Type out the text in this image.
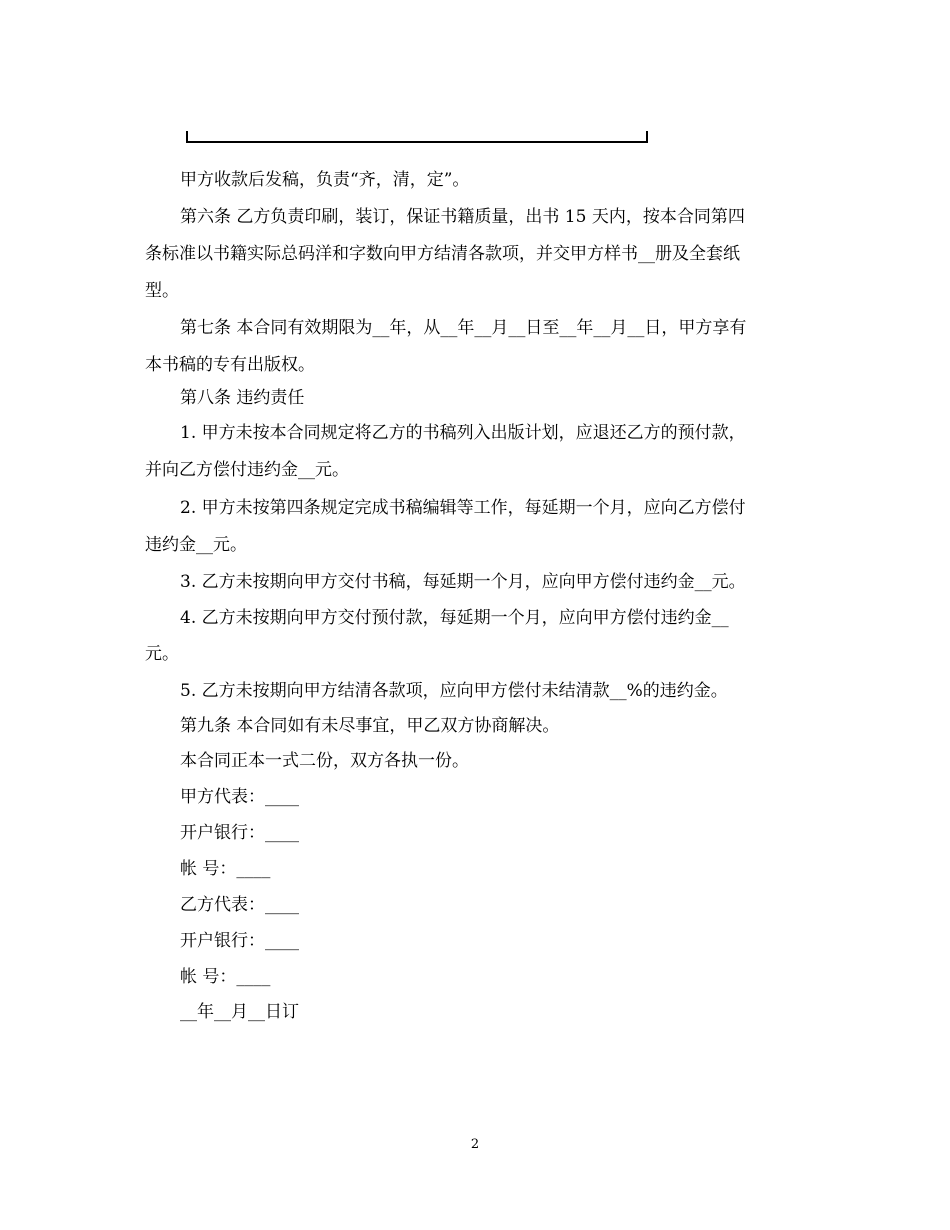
甲方收款后发稿，负责“齐，清，定”。
第六条 乙方负责印刷，装订，保证书籍质量，出书 15 天内，按本合同第四
条标准以书籍实际总码洋和字数向甲方结清各款项，并交甲方样书__册及全套纸
型。
第七条 本合同有效期限为__年，从__年__月__日至__年__月__日，甲方享有
本书稿的专有出版权。
第八条 违约责任
1. 甲方未按本合同规定将乙方的书稿列入出版计划，应退还乙方的预付款，
并向乙方偿付违约金__元。
2. 甲方未按第四条规定完成书稿编辑等工作，每延期一个月，应向乙方偿付
违约金__元。
3. 乙方未按期向甲方交付书稿，每延期一个月，应向甲方偿付违约金__元。
4. 乙方未按期向甲方交付预付款，每延期一个月，应向甲方偿付违约金__
元。
5. 乙方未按期向甲方结清各款项，应向甲方偿付未结清款__%的违约金。
第九条 本合同如有未尽事宜，甲乙双方协商解决。
本合同正本一式二份，双方各执一份。
甲方代表：____
开户银行：____
帐 号：____
乙方代表：____
开户银行：____
帐 号：____
__年__月__日订
2
